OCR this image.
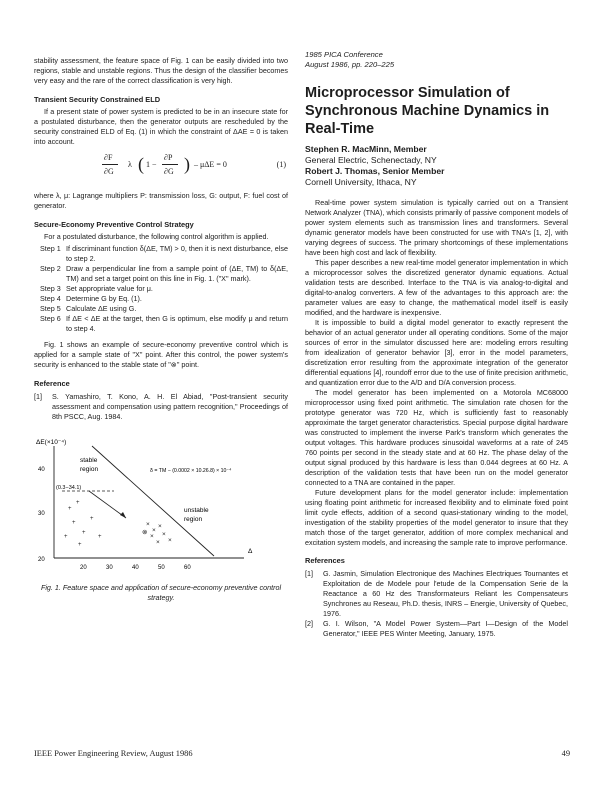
stability assessment, the feature space of Fig. 1 can be easily divided into two regions, stable and unstable regions. Thus the design of the classifier becomes very easy and the rare of the correct classification is very high.

Transient Security Constrained ELD

If a present state of power system is predicted to be in an insecure state for a postulated disturbance, then the generator outputs are rescheduled by the security constrained ELD of Eq. (1) in which the constraint of ΔAE = 0 is taken into account.

∂F
∂G
λ ( 1 −
∂P
∂G ) – μΔE = 0	(1)

where λ, μ: Lagrange multipliers P: transmission loss, G: output, F: fuel cost of generator.

Secure-Economy Preventive Control Strategy

For a postulated disturbance, the following control algorithm is applied.

Step 1 If discriminant function δ(ΔE, TM) > 0, then it is next disturbance, else to step 2.
Step 2 Draw a perpendicular line from a sample point of (ΔE, TM) to δ(ΔE, TM) and set a target point on this line in Fig. 1. ("X" mark).
Step 3 Set appropriate value for μ.
Step 4 Determine G by Eq. (1).
Step 5 Calculate ΔE using G.
Step 6 If ΔE < ΔE at the target, then G is optimum, else modify μ and return to step 4.

Fig. 1 shows an example of secure-economy preventive control which is applied for a sample state of "X" point. After this control, the power system's security is enhanced to the stable state of "⊗" point.

Reference
[1]	S. Yamashiro, T. Kono, A. H. El Abiad, "Post-transient security assessment and compensation using pattern recognition," Proceedings of 8th PSCC, Aug. 1984.
ΔE(×10⁻⁴)
Δ
40
30
20
20	30	40	50	60
stable
region
unstable
region
δ = TM − (0.0002 × 10.26.8) × 10⁻⁴
(0.3−34.1)
+
+
+
+
+
+
+
+
×
×
×
× ×
× ×
⊗
Fig. 1. Feature space and application of secure-economy preventive control strategy.
1985 PICA Conference
August 1986, pp. 220–225
Microprocessor Simulation of Synchronous Machine Dynamics in Real-Time
Stephen R. MacMinn, Member
General Electric, Schenectady, NY
Robert J. Thomas, Senior Member
Cornell University, Ithaca, NY

Real-time power system simulation is typically carried out on a Transient Network Analyzer (TNA), which consists primarily of passive component models of power system elements such as transmission lines and transformers. Several dynamic generator models have been constructed for use with TNA's [1, 2], with varying degrees of success. The primary shortcomings of these implementations have been high cost and lack of flexibility.

This paper describes a new real-time model generator implementation in which a microprocessor solves the discretized generator dynamic equations. Actual validation tests are described. Interface to the TNA is via analog-to-digital and digital-to-analog converters. A few of the advantages to this approach are: the parameter values are easy to change, the mathematical model itself is easily modified, and the hardware is inexpensive.

It is impossible to build a digital model generator to exactly represent the behavior of an actual generator under all operating conditions. Some of the major sources of error in the simulator discussed here are: modeling errors resulting from idealization of generator behavior [3], error in the model parameters, discretization error resulting from the approximate integration of the generator differential equations [4], roundoff error due to the use of finite precision arithmetic, and quantization error due to the A/D and D/A conversion process.

The model generator has been implemented on a Motorola MC68000 microprocessor using fixed point arithmetic. The simulation rate chosen for the prototype generator was 720 Hz, which is sufficiently fast to reasonably approximate the target generator characteristics. Special purpose digital hardware was constructed to implement the inverse Park's transform which generates the output voltages. This hardware produces sinusoidal waveforms at a rate of 245 760 points per second in the steady state and at 60 Hz. The phase delay of the output signal produced by this hardware is less than 0.044 degrees at 60 Hz. A description of the validation tests that have been run on the model generator connected to a TNA are contained in the paper.

Future development plans for the model generator include: implementation using floating point arithmetic for increased flexibility and to eliminate fixed point limit cycle effects, addition of a second quasi-stationary winding to the model, investigation of the stability properties of the model generator to insure that they match those of the target generator, addition of more complex mechanical and excitation system models, and increasing the sample rate to improve performance.

References
[1]	G. Jasmin, Simulation Electronique des Machines Electriques Tournantes et Exploitation de de Modele pour l'etude de la Compensation Serie de la Reactance a 60 Hz des Transformateurs Reliant les Compensateurs Synchrones au Reseau, Ph.D. thesis, INRS – Energie, University of Quebec, 1976.
[2]	G. I. Wilson, "A Model Power System—Part I—Design of the Model Generator," IEEE PES Winter Meeting, January, 1975.
IEEE Power Engineering Review, August 1986	49
